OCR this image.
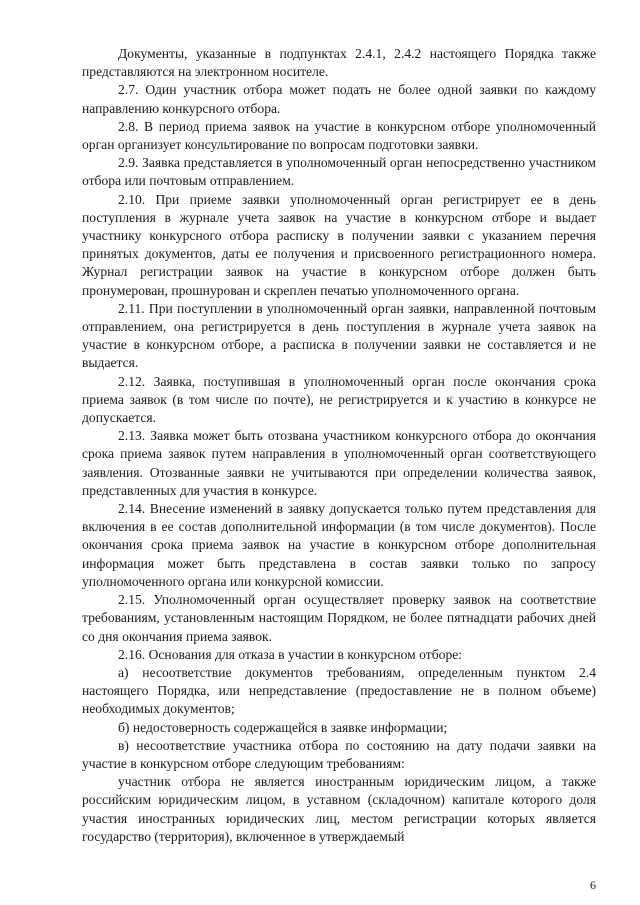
Документы, указанные в подпунктах 2.4.1, 2.4.2 настоящего Порядка также представляются на электронном носителе.

2.7. Один участник отбора может подать не более одной заявки по каждому направлению конкурсного отбора.

2.8. В период приема заявок на участие в конкурсном отборе уполномоченный орган организует консультирование по вопросам подготовки заявки.

2.9. Заявка представляется в уполномоченный орган непосредственно участником отбора или почтовым отправлением.

2.10. При приеме заявки уполномоченный орган регистрирует ее в день поступления в журнале учета заявок на участие в конкурсном отборе и выдает участнику конкурсного отбора расписку в получении заявки с указанием перечня принятых документов, даты ее получения и присвоенного регистрационного номера. Журнал регистрации заявок на участие в конкурсном отборе должен быть пронумерован, прошнурован и скреплен печатью уполномоченного органа.

2.11. При поступлении в уполномоченный орган заявки, направленной почтовым отправлением, она регистрируется в день поступления в журнале учета заявок на участие в конкурсном отборе, а расписка в получении заявки не составляется и не выдается.

2.12. Заявка, поступившая в уполномоченный орган после окончания срока приема заявок (в том числе по почте), не регистрируется и к участию в конкурсе не допускается.

2.13. Заявка может быть отозвана участником конкурсного отбора до окончания срока приема заявок путем направления в уполномоченный орган соответствующего заявления. Отозванные заявки не учитываются при определении количества заявок, представленных для участия в конкурсе.

2.14. Внесение изменений в заявку допускается только путем представления для включения в ее состав дополнительной информации (в том числе документов). После окончания срока приема заявок на участие в конкурсном отборе дополнительная информация может быть представлена в состав заявки только по запросу уполномоченного органа или конкурсной комиссии.

2.15. Уполномоченный орган осуществляет проверку заявок на соответствие требованиям, установленным настоящим Порядком, не более пятнадцати рабочих дней со дня окончания приема заявок.

2.16. Основания для отказа в участии в конкурсном отборе:

а) несоответствие документов требованиям, определенным пунктом 2.4 настоящего Порядка, или непредставление (предоставление не в полном объеме) необходимых документов;

б) недостоверность содержащейся в заявке информации;

в) несоответствие участника отбора по состоянию на дату подачи заявки на участие в конкурсном отборе следующим требованиям:

участник отбора не является иностранным юридическим лицом, а также российским юридическим лицом, в уставном (складочном) капитале которого доля участия иностранных юридических лиц, местом регистрации которых является государство (территория), включенное в утверждаемый

6
